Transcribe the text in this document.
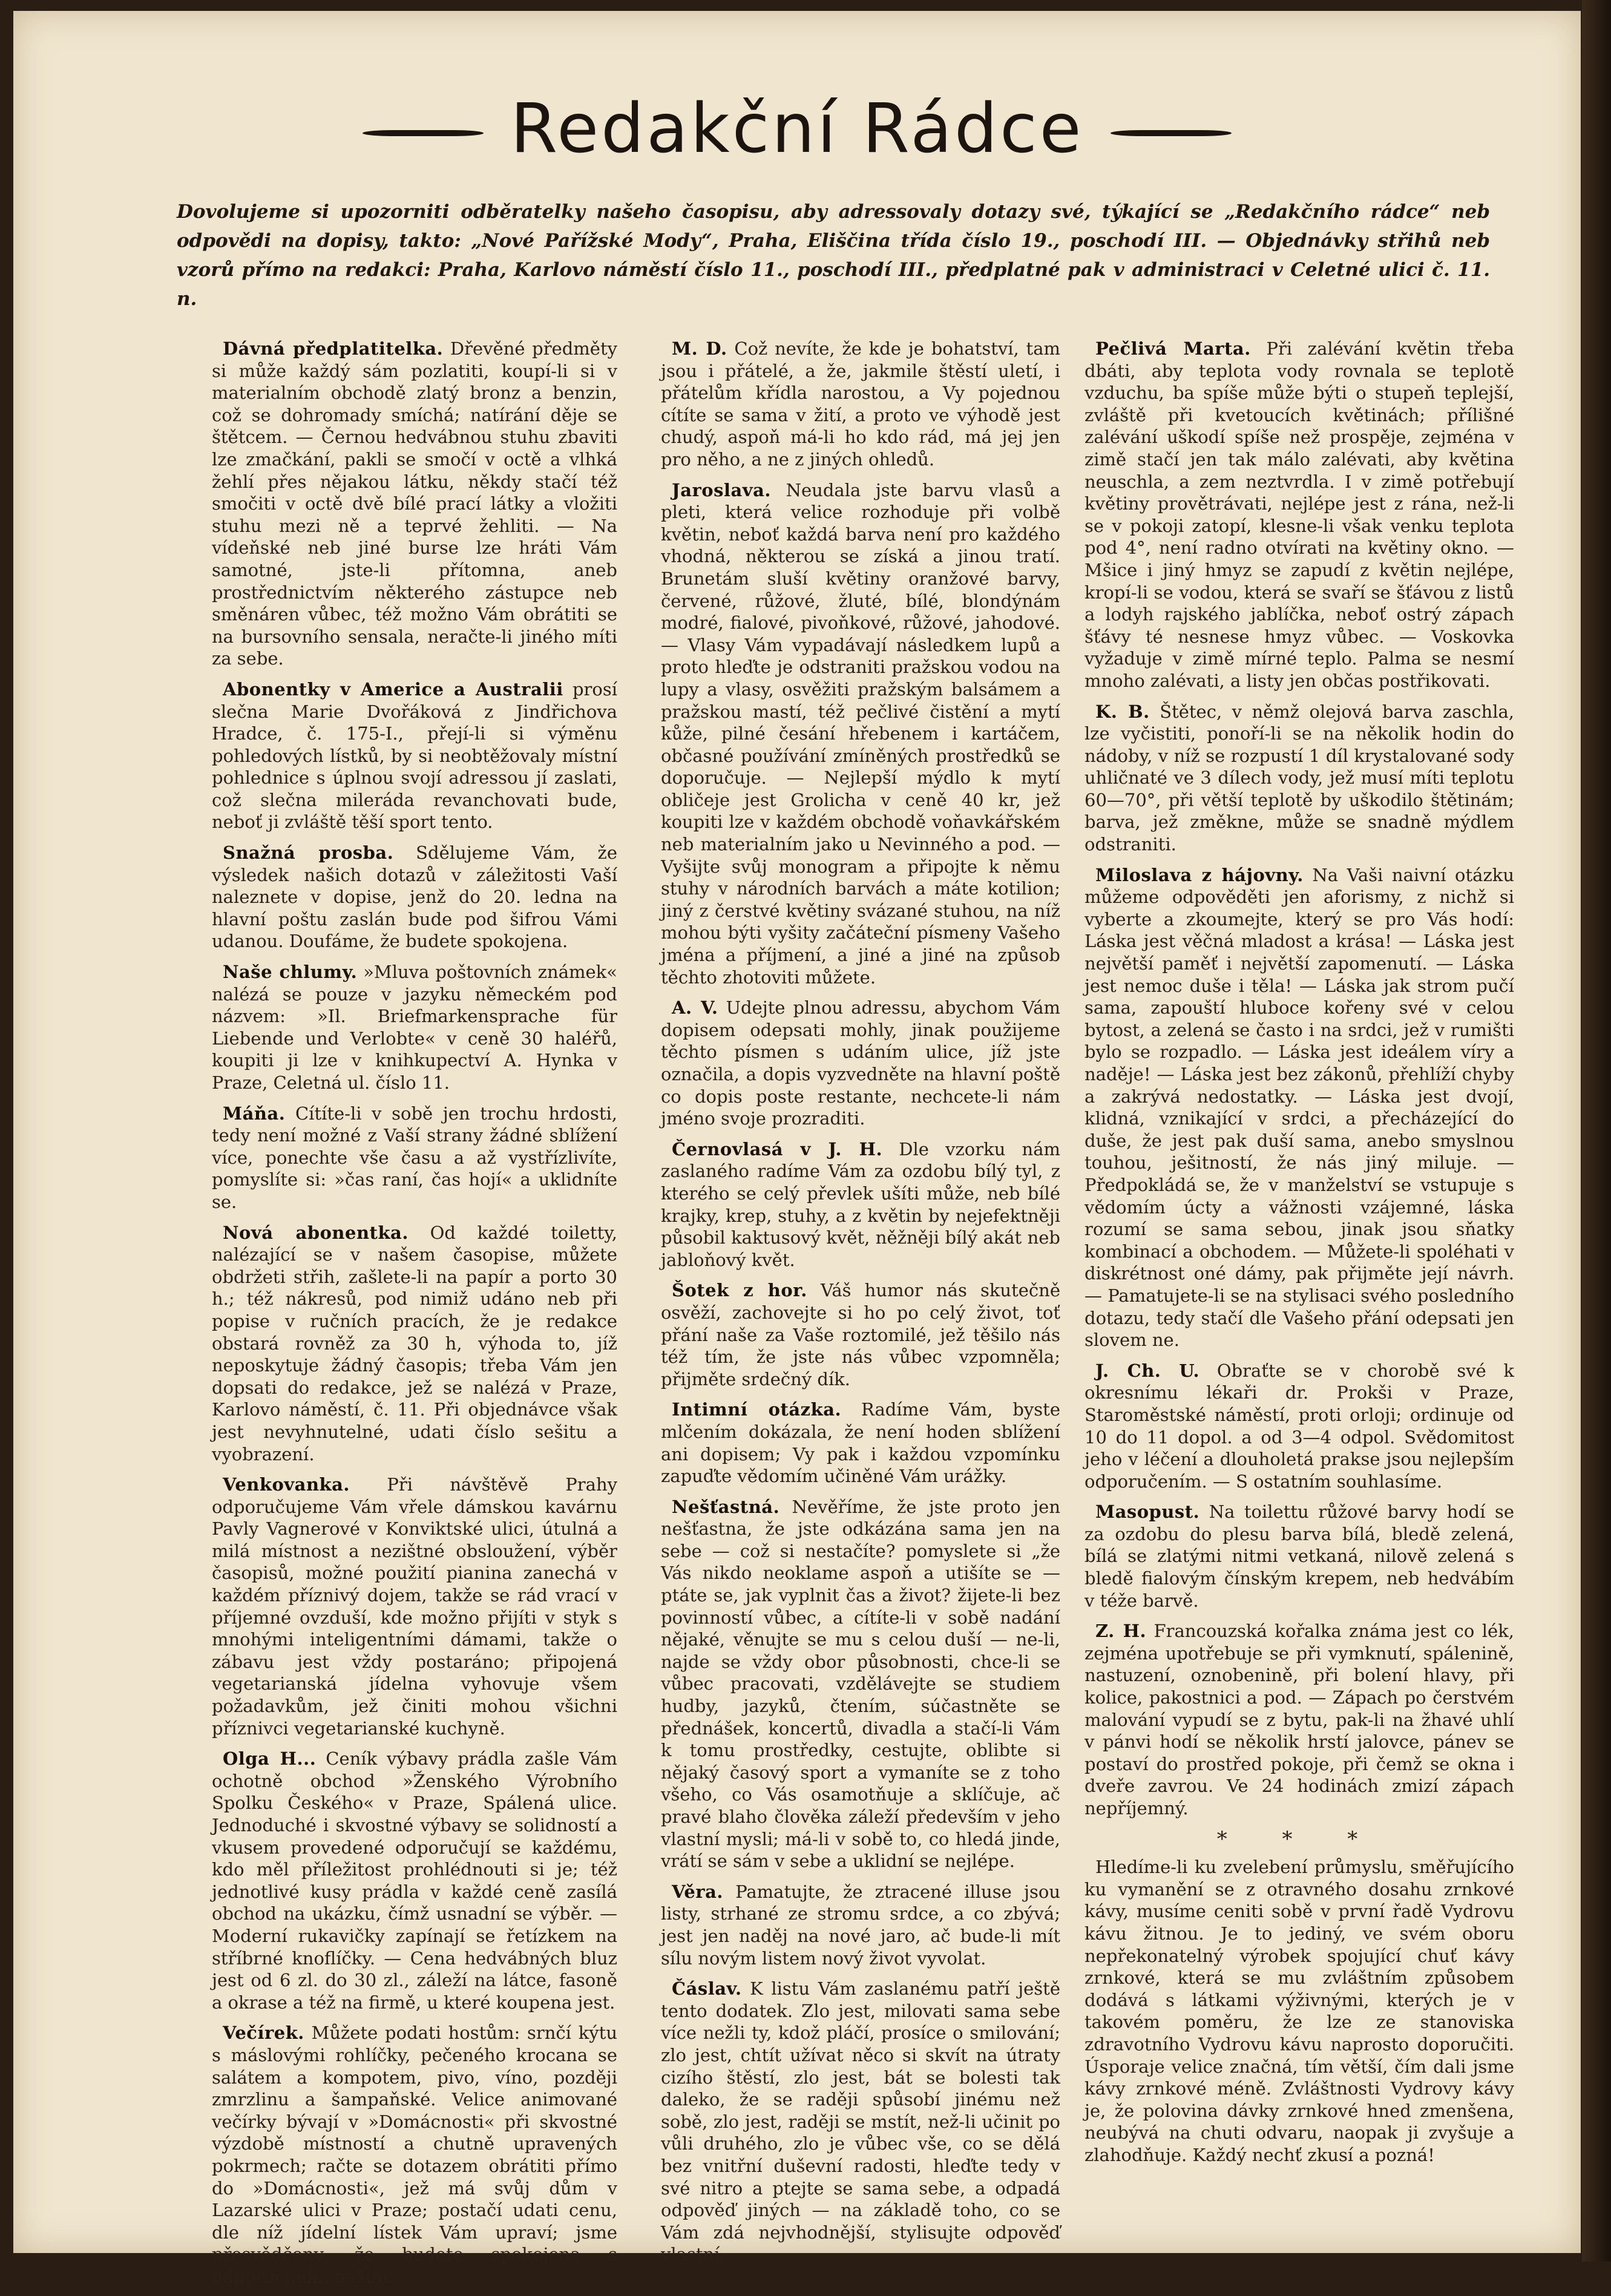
Redakční Rádce
Dovolujeme si upozorniti odběratelky našeho časopisu, aby adressovaly dotazy své, týkající se „Redakčního rádce“ neb odpovědi na dopisy, takto: „Nové Pařížské Mody“, Praha, Eliščina třída číslo 19., poschodí III. — Objednávky střihů neb vzorů přímo na redakci: Praha, Karlovo náměstí číslo 11., poschodí III., předplatné pak v administraci v Celetné ulici č. 11. n.

Dávná předplatitelka. Dřevěné předměty si může každý sám pozlatiti, koupí-li si v materialním obchodě zlatý bronz a benzin, což se dohromady smíchá; natírání děje se štětcem. — Černou hedvábnou stuhu zbaviti lze zmačkání, pakli se smočí v octě a vlhká žehlí přes nějakou látku, někdy stačí též smočiti v octě dvě bílé prací látky a vložiti stuhu mezi ně a teprvé žehliti. — Na vídeňské neb jiné burse lze hráti Vám samotné, jste-li přítomna, aneb prostřednictvím některého zástupce neb směnáren vůbec, též možno Vám obrátiti se na bursovního sensala, neračte-li jiného míti za sebe.

Abonentky v Americe a Australii prosí slečna Marie Dvořáková z Jindřichova Hradce, č. 175-I., přejí-li si výměnu pohledových lístků, by si neobtěžovaly místní pohlednice s úplnou svojí adressou jí zaslati, což slečna mileráda revanchovati bude, neboť ji zvláště těší sport tento.

Snažná prosba. Sdělujeme Vám, že výsledek našich dotazů v záležitosti Vaší naleznete v dopise, jenž do 20. ledna na hlavní poštu zaslán bude pod šifrou Vámi udanou. Doufáme, že budete spokojena.

Naše chlumy. »Mluva poštovních známek« nalézá se pouze v jazyku německém pod názvem: »Il. Briefmarkensprache für Liebende und Verlobte« v ceně 30 haléřů, koupiti ji lze v knihkupectví A. Hynka v Praze, Celetná ul. číslo 11.

Máňa. Cítíte-li v sobě jen trochu hrdosti, tedy není možné z Vaší strany žádné sblížení více, ponechte vše času a až vystřízlivíte, pomyslíte si: »čas raní, čas hojí« a uklidníte se.

Nová abonentka. Od každé toiletty, nalézající se v našem časopise, můžete obdržeti střih, zašlete-li na papír a porto 30 h.; též nákresů, pod nimiž udáno neb při popise v ručních pracích, že je redakce obstará rovněž za 30 h, výhoda to, jíž neposkytuje žádný časopis; třeba Vám jen dopsati do redakce, jež se nalézá v Praze, Karlovo náměstí, č. 11. Při objednávce však jest nevyhnutelné, udati číslo sešitu a vyobrazení.

Venkovanka. Při návštěvě Prahy odporučujeme Vám vřele dámskou kavárnu Pavly Vagnerové v Konviktské ulici, útulná a milá místnost a nezištné obsloužení, výběr časopisů, možné použití pianina zanechá v každém příznivý dojem, takže se rád vrací v příjemné ovzduší, kde možno přijíti v styk s mnohými inteligentními dámami, takže o zábavu jest vždy postaráno; připojená vegetarianská jídelna vyhovuje všem požadavkům, jež činiti mohou všichni příznivci vegetarianské kuchyně.

Olga H... Ceník výbavy prádla zašle Vám ochotně obchod »Ženského Výrobního Spolku Českého« v Praze, Spálená ulice. Jednoduché i skvostné výbavy se solidností a vkusem provedené odporučují se každému, kdo měl příležitost prohlédnouti si je; též jednotlivé kusy prádla v každé ceně zasílá obchod na ukázku, čímž usnadní se výběr. — Moderní rukavičky zapínají se řetízkem na stříbrné knoflíčky. — Cena hedvábných bluz jest od 6 zl. do 30 zl., záleží na látce, fasoně a okrase a též na firmě, u které koupena jest.

Večírek. Můžete podati hostům: srnčí kýtu s máslovými rohlíčky, pečeného krocana se salátem a kompotem, pivo, víno, později zmrzlinu a šampaňské. Velice animované večírky bývají v »Domácnosti« při skvostné výzdobě místností a chutně upravených pokrmech; račte se dotazem obrátiti přímo do »Domácnosti«, jež má svůj dům v Lazarské ulici v Praze; postačí udati cenu, dle níž jídelní lístek Vám upraví; jsme přesvědčeny, že budete spokojena s odporučením naším.

M. D. Což nevíte, že kde je bohatství, tam jsou i přátelé, a že, jakmile štěstí uletí, i přátelům křídla narostou, a Vy pojednou cítíte se sama v žití, a proto ve výhodě jest chudý, aspoň má-li ho kdo rád, má jej jen pro něho, a ne z jiných ohledů.

Jaroslava. Neudala jste barvu vlasů a pleti, která velice rozhoduje při volbě květin, neboť každá barva není pro každého vhodná, některou se získá a jinou tratí. Brunetám sluší květiny oranžové barvy, červené, růžové, žluté, bílé, blondýnám modré, fialové, pivoňkové, růžové, jahodové. — Vlasy Vám vypadávají následkem lupů a proto hleďte je odstraniti pražskou vodou na lupy a vlasy, osvěžiti pražským balsámem a pražskou mastí, též pečlivé čistění a mytí kůže, pilné česání hřebenem i kartáčem, občasné používání zmíněných prostředků se doporučuje. — Nejlepší mýdlo k mytí obličeje jest Grolicha v ceně 40 kr, jež koupiti lze v každém obchodě voňavkářském neb materialním jako u Nevinného a pod. — Vyšijte svůj monogram a připojte k němu stuhy v národních barvách a máte kotilion; jiný z čerstvé květiny svázané stuhou, na níž mohou býti vyšity začáteční písmeny Vašeho jména a příjmení, a jiné a jiné na způsob těchto zhotoviti můžete.

A. V. Udejte plnou adressu, abychom Vám dopisem odepsati mohly, jinak použijeme těchto písmen s udáním ulice, jíž jste označila, a dopis vyzvedněte na hlavní poště co dopis poste restante, nechcete-li nám jméno svoje prozraditi.

Černovlasá v J. H. Dle vzorku nám zaslaného radíme Vám za ozdobu bílý tyl, z kterého se celý převlek ušíti může, neb bílé krajky, krep, stuhy, a z květin by nejefektněji působil kaktusový květ, něžněji bílý akát neb jabloňový květ.

Šotek z hor. Váš humor nás skutečně osvěží, zachovejte si ho po celý život, toť přání naše za Vaše roztomilé, jež těšilo nás též tím, že jste nás vůbec vzpomněla; přijměte srdečný dík.

Intimní otázka. Radíme Vám, byste mlčením dokázala, že není hoden sblížení ani dopisem; Vy pak i každou vzpomínku zapuďte vědomím učiněné Vám urážky.

Nešťastná. Nevěříme, že jste proto jen nešťastna, že jste odkázána sama jen na sebe — což si nestačíte? pomyslete si „že Vás nikdo neoklame aspoň a utišíte se — ptáte se, jak vyplnit čas a život? žijete-li bez povinností vůbec, a cítíte-li v sobě nadání nějaké, věnujte se mu s celou duší — ne-li, najde se vždy obor působnosti, chce-li se vůbec pracovati, vzdělávejte se studiem hudby, jazyků, čtením, súčastněte se přednášek, koncertů, divadla a stačí-li Vám k tomu prostředky, cestujte, oblibte si nějaký časový sport a vymaníte se z toho všeho, co Vás osamotňuje a sklíčuje, ač pravé blaho člověka záleží především v jeho vlastní mysli; má-li v sobě to, co hledá jinde, vrátí se sám v sebe a uklidní se nejlépe.

Věra. Pamatujte, že ztracené illuse jsou listy, strhané ze stromu srdce, a co zbývá; jest jen naděj na nové jaro, ač bude-li mít sílu novým listem nový život vyvolat.

Čáslav. K listu Vám zaslanému patří ještě tento dodatek. Zlo jest, milovati sama sebe více nežli ty, kdož pláčí, prosíce o smilování; zlo jest, chtít užívat něco si skvít na útraty cizího štěstí, zlo jest, bát se bolesti tak daleko, že se raději spůsobí jinému než sobě, zlo jest, raději se mstít, než-li učinit po vůli druhého, zlo je vůbec vše, co se dělá bez vnitřní duševní radosti, hleďte tedy v své nitro a ptejte se sama sebe, a odpadá odpověď jiných — na základě toho, co se Vám zdá nejvhodnější, stylisujte odpověď vlastní.

Pečlivá Marta. Při zalévání květin třeba dbáti, aby teplota vody rovnala se teplotě vzduchu, ba spíše může býti o stupeň teplejší, zvláště při kvetoucích květinách; přílišné zalévání uškodí spíše než prospěje, zejména v zimě stačí jen tak málo zalévati, aby květina neuschla, a zem neztvrdla. I v zimě potřebují květiny provětrávati, nejlépe jest z rána, než-li se v pokoji zatopí, klesne-li však venku teplota pod 4°, není radno otvírati na květiny okno. — Mšice i jiný hmyz se zapudí z květin nejlépe, kropí-li se vodou, která se svaří se šťávou z listů a lodyh rajského jablíčka, neboť ostrý zápach šťávy té nesnese hmyz vůbec. — Voskovka vyžaduje v zimě mírné teplo. Palma se nesmí mnoho zalévati, a listy jen občas postřikovati.

K. B. Štětec, v němž olejová barva zaschla, lze vyčistiti, ponoří-li se na několik hodin do nádoby, v níž se rozpustí 1 díl krystalované sody uhličnaté ve 3 dílech vody, jež musí míti teplotu 60—70°, při větší teplotě by uškodilo štětinám; barva, jež změkne, může se snadně mýdlem odstraniti.

Miloslava z hájovny. Na Vaši naivní otázku můžeme odpověděti jen aforismy, z nichž si vyberte a zkoumejte, který se pro Vás hodí: Láska jest věčná mladost a krása! — Láska jest největší paměť i největší zapomenutí. — Láska jest nemoc duše i těla! — Láska jak strom pučí sama, zapouští hluboce kořeny své v celou bytost, a zelená se často i na srdci, jež v rumišti bylo se rozpadlo. — Láska jest ideálem víry a naděje! — Láska jest bez zákonů, přehlíží chyby a zakrývá nedostatky. — Láska jest dvojí, klidná, vznikající v srdci, a přecházející do duše, že jest pak duší sama, anebo smyslnou touhou, ješitností, že nás jiný miluje. — Předpokládá se, že v manželství se vstupuje s vědomím úcty a vážnosti vzájemné, láska rozumí se sama sebou, jinak jsou sňatky kombinací a obchodem. — Můžete-li spoléhati v diskrétnost oné dámy, pak přijměte její návrh. — Pamatujete-li se na stylisaci svého posledního dotazu, tedy stačí dle Vašeho přání odepsati jen slovem ne.

J. Ch. U. Obraťte se v chorobě své k okresnímu lékaři dr. Prokši v Praze, Staroměstské náměstí, proti orloji; ordinuje od 10 do 11 dopol. a od 3—4 odpol. Svědomitost jeho v léčení a dlouholetá prakse jsou nejlepším odporučením. — S ostatním souhlasíme.

Masopust. Na toilettu růžové barvy hodí se za ozdobu do plesu barva bílá, bledě zelená, bílá se zlatými nitmi vetkaná, nilově zelená s bledě fialovým čínským krepem, neb hedvábím v téže barvě.

Z. H. Francouzská kořalka známa jest co lék, zejména upotřebuje se při vymknutí, spálenině, nastuzení, oznobenině, při bolení hlavy, při kolice, pakostnici a pod. — Zápach po čerstvém malování vypudí se z bytu, pak-li na žhavé uhlí v pánvi hodí se několik hrstí jalovce, pánev se postaví do prostřed pokoje, při čemž se okna i dveře zavrou. Ve 24 hodinách zmizí zápach nepříjemný.

* * *

Hledíme-li ku zvelebení průmyslu, směřujícího ku vymanění se z otravného dosahu zrnkové kávy, musíme ceniti sobě v první řadě Vydrovu kávu žitnou. Je to jediný, ve svém oboru nepřekonatelný výrobek spojující chuť kávy zrnkové, která se mu zvláštním způsobem dodává s látkami výživnými, kterých je v takovém poměru, že lze ze stanoviska zdravotního Vydrovu kávu naprosto doporučiti. Úsporaje velice značná, tím větší, čím dali jsme kávy zrnkové méně. Zvláštnosti Vydrovy kávy je, že polovina dávky zrnkové hned zmenšena, neubývá na chuti odvaru, naopak ji zvyšuje a zlahodňuje. Každý nechť zkusí a pozná!
